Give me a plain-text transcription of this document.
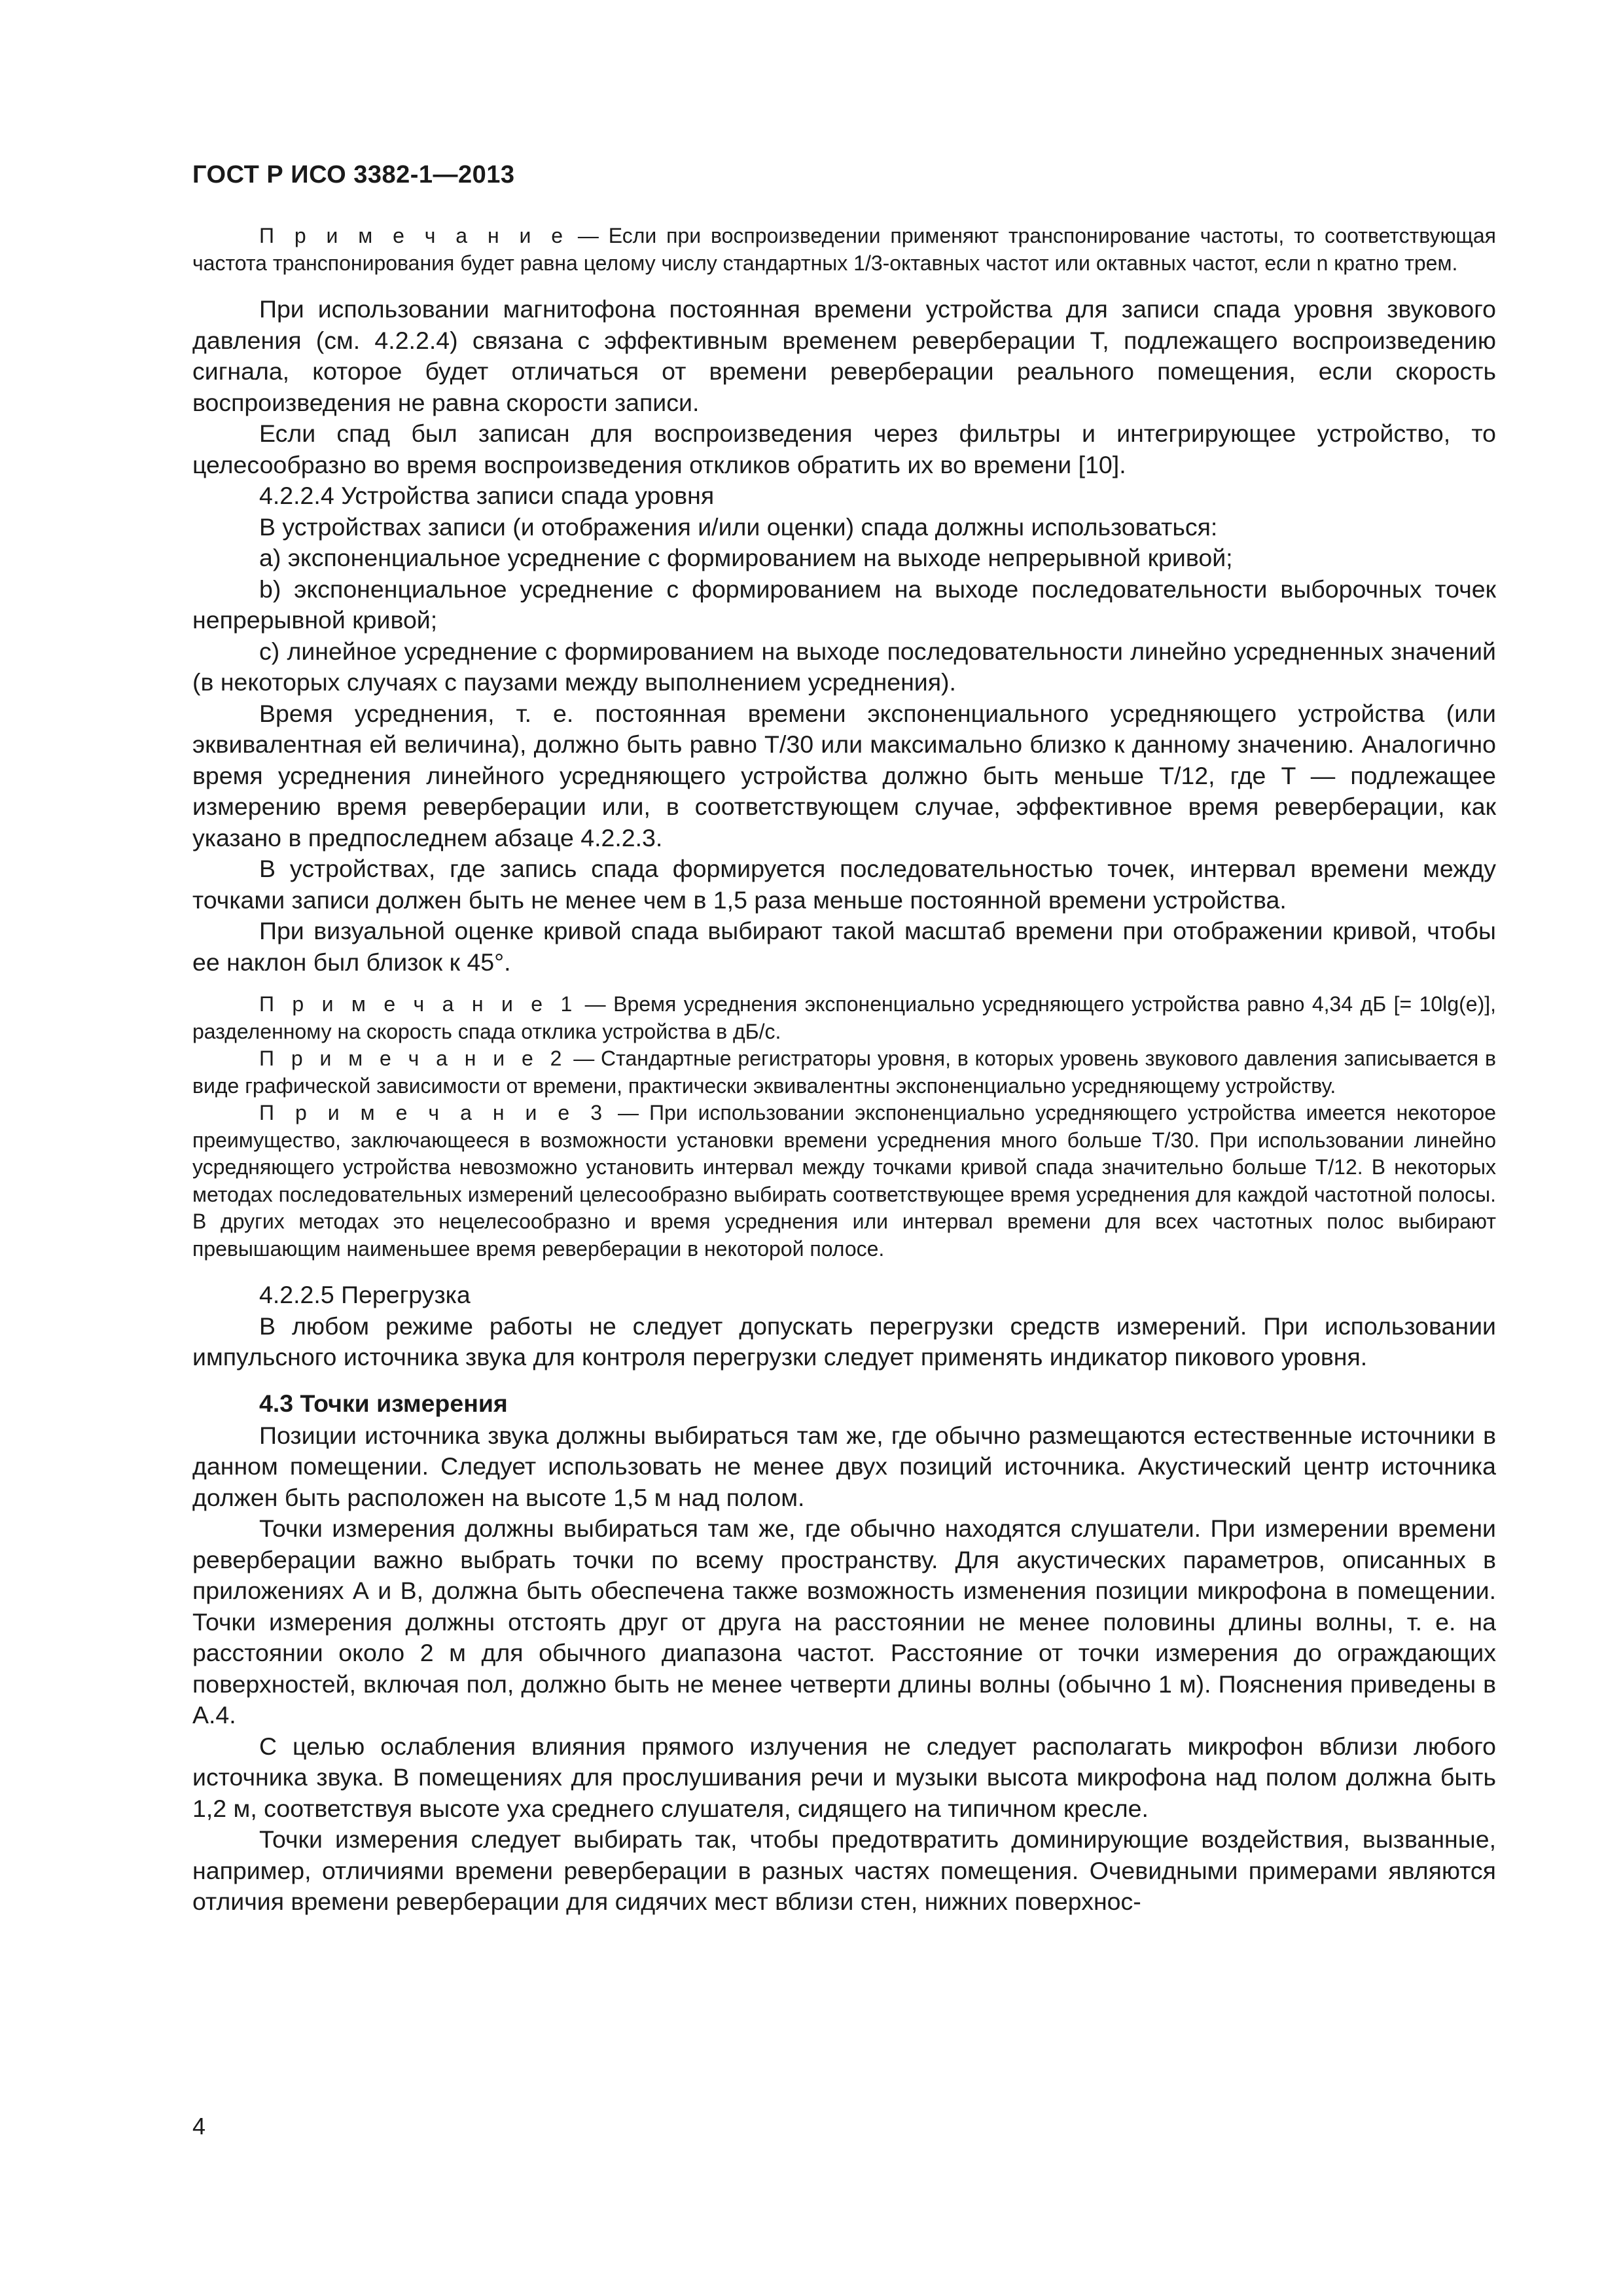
ГОСТ Р ИСО 3382-1—2013

П р и м е ч а н и е — Если при воспроизведении применяют транспонирование частоты, то соответствующая частота транспонирования будет равна целому числу стандартных 1/3-октавных частот или октавных частот, если n кратно трем.

При использовании магнитофона постоянная времени устройства для записи спада уровня звукового давления (см. 4.2.2.4) связана с эффективным временем реверберации T, подлежащего воспроизведению сигнала, которое будет отличаться от времени реверберации реального помещения, если скорость воспроизведения не равна скорости записи.

Если спад был записан для воспроизведения через фильтры и интегрирующее устройство, то целесообразно во время воспроизведения откликов обратить их во времени [10].

4.2.2.4 Устройства записи спада уровня

В устройствах записи (и отображения и/или оценки) спада должны использоваться:

а) экспоненциальное усреднение с формированием на выходе непрерывной кривой;

b) экспоненциальное усреднение с формированием на выходе последовательности выборочных точек непрерывной кривой;

с) линейное усреднение с формированием на выходе последовательности линейно усредненных значений (в некоторых случаях с паузами между выполнением усреднения).

Время усреднения, т. е. постоянная времени экспоненциального усредняющего устройства (или эквивалентная ей величина), должно быть равно T/30 или максимально близко к данному значению. Аналогично время усреднения линейного усредняющего устройства должно быть меньше T/12, где T — подлежащее измерению время реверберации или, в соответствующем случае, эффективное время реверберации, как указано в предпоследнем абзаце 4.2.2.3.

В устройствах, где запись спада формируется последовательностью точек, интервал времени между точками записи должен быть не менее чем в 1,5 раза меньше постоянной времени устройства.

При визуальной оценке кривой спада выбирают такой масштаб времени при отображении кривой, чтобы ее наклон был близок к 45°.

П р и м е ч а н и е 1 — Время усреднения экспоненциально усредняющего устройства равно 4,34 дБ [= 10lg(e)], разделенному на скорость спада отклика устройства в дБ/с.

П р и м е ч а н и е 2 — Стандартные регистраторы уровня, в которых уровень звукового давления записывается в виде графической зависимости от времени, практически эквивалентны экспоненциально усредняющему устройству.

П р и м е ч а н и е 3 — При использовании экспоненциально усредняющего устройства имеется некоторое преимущество, заключающееся в возможности установки времени усреднения много больше T/30. При использовании линейно усредняющего устройства невозможно установить интервал между точками кривой спада значительно больше T/12. В некоторых методах последовательных измерений целесообразно выбирать соответствующее время усреднения для каждой частотной полосы. В других методах это нецелесообразно и время усреднения или интервал времени для всех частотных полос выбирают превышающим наименьшее время реверберации в некоторой полосе.

4.2.2.5 Перегрузка

В любом режиме работы не следует допускать перегрузки средств измерений. При использовании импульсного источника звука для контроля перегрузки следует применять индикатор пикового уровня.

4.3 Точки измерения

Позиции источника звука должны выбираться там же, где обычно размещаются естественные источники в данном помещении. Следует использовать не менее двух позиций источника. Акустический центр источника должен быть расположен на высоте 1,5 м над полом.

Точки измерения должны выбираться там же, где обычно находятся слушатели. При измерении времени реверберации важно выбрать точки по всему пространству. Для акустических параметров, описанных в приложениях А и В, должна быть обеспечена также возможность изменения позиции микрофона в помещении. Точки измерения должны отстоять друг от друга на расстоянии не менее половины длины волны, т. е. на расстоянии около 2 м для обычного диапазона частот. Расстояние от точки измерения до ограждающих поверхностей, включая пол, должно быть не менее четверти длины волны (обычно 1 м). Пояснения приведены в А.4.

С целью ослабления влияния прямого излучения не следует располагать микрофон вблизи любого источника звука. В помещениях для прослушивания речи и музыки высота микрофона над полом должна быть 1,2 м, соответствуя высоте уха среднего слушателя, сидящего на типичном кресле.

Точки измерения следует выбирать так, чтобы предотвратить доминирующие воздействия, вызванные, например, отличиями времени реверберации в разных частях помещения. Очевидными примерами являются отличия времени реверберации для сидячих мест вблизи стен, нижних поверхнос-

4
